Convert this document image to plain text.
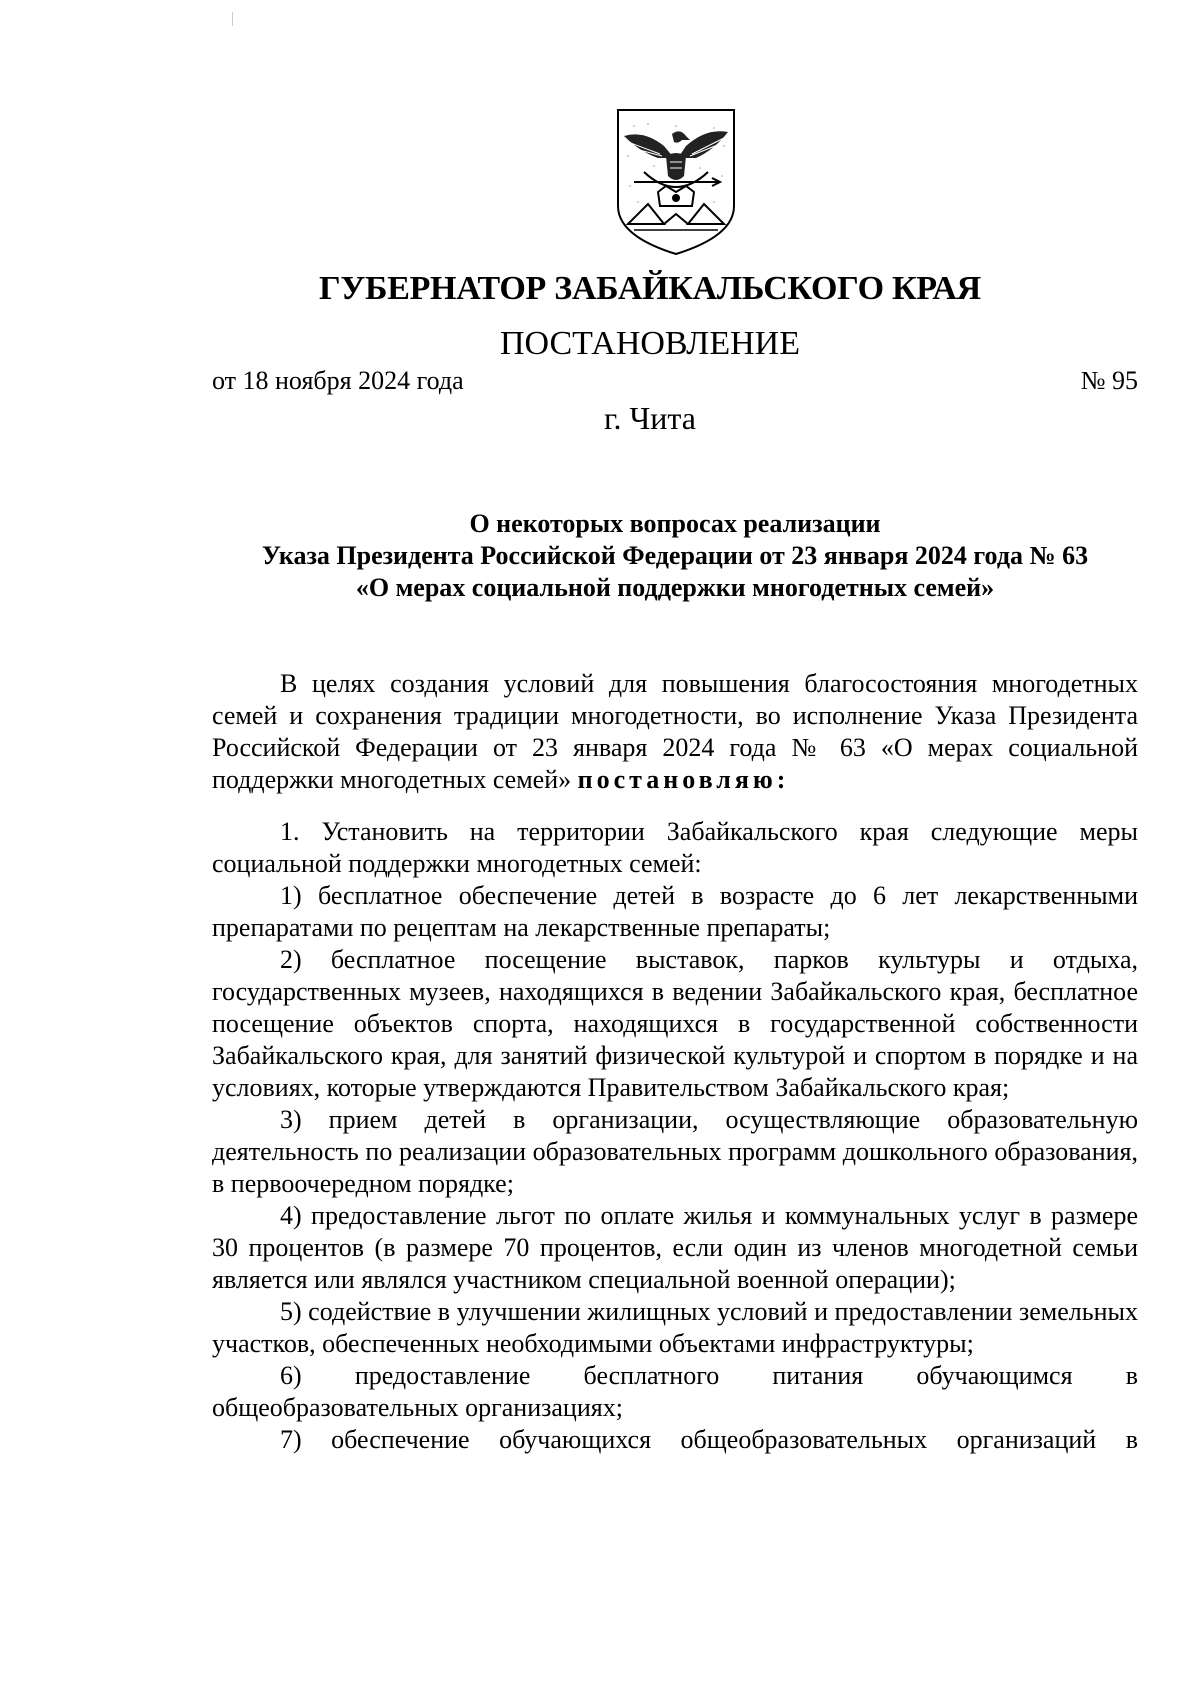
ГУБЕРНАТОР ЗАБАЙКАЛЬСКОГО КРАЯ
ПОСТАНОВЛЕНИЕ
от 18 ноября 2024 года	№ 95
г. Чита
О некоторых вопросах реализации
Указа Президента Российской Федерации от 23 января 2024 года № 63
«О мерах социальной поддержки многодетных семей»

В целях создания условий для повышения благосостояния многодетных семей и сохранения традиции многодетности, во исполнение Указа Президента Российской Федерации от 23 января 2024 года № 63 «О мерах социальной поддержки многодетных семей» постановляю:

1. Установить на территории Забайкальского края следующие меры социальной поддержки многодетных семей:

1) бесплатное обеспечение детей в возрасте до 6 лет лекарственными препаратами по рецептам на лекарственные препараты;

2) бесплатное посещение выставок, парков культуры и отдыха, государственных музеев, находящихся в ведении Забайкальского края, бесплатное посещение объектов спорта, находящихся в государственной собственности Забайкальского края, для занятий физической культурой и спортом в порядке и на условиях, которые утверждаются Правительством Забайкальского края;

3) прием детей в организации, осуществляющие образовательную деятельность по реализации образовательных программ дошкольного образования, в первоочередном порядке;

4) предоставление льгот по оплате жилья и коммунальных услуг в размере 30 процентов (в размере 70 процентов, если один из членов многодетной семьи является или являлся участником специальной военной операции);

5) содействие в улучшении жилищных условий и предоставлении земельных участков, обеспеченных необходимыми объектами инфраструктуры;

6) предоставление бесплатного питания обучающимся в общеобразовательных организациях;

7) обеспечение обучающихся общеобразовательных организаций в
